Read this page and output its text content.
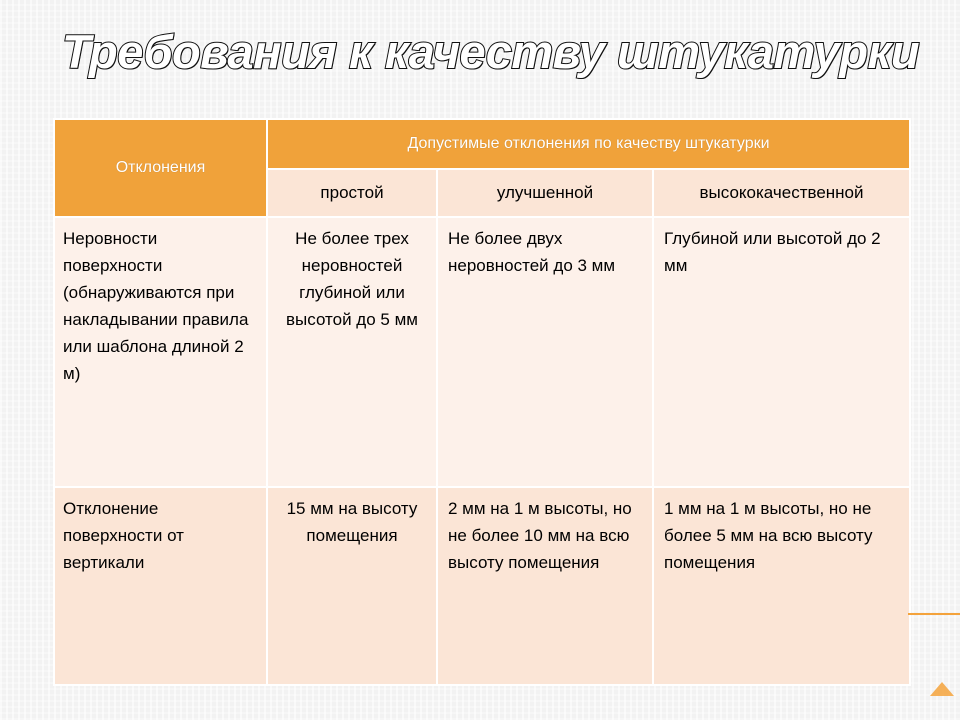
Требования к качеству штукатурки
Отклонения	Допустимые отклонения по качеству штукатурки		
	простой	улучшенной	высококачественной

Неровности поверхности (обнаруживаются при накладывании правила или шаблона длиной 2 м)	Не более трех неровностей глубиной или высотой до 5 мм	Не более двух неровностей до 3 мм	Глубиной или высотой до 2 мм

Отклонение поверхности от вертикали	15 мм на высоту помещения	2 мм на 1 м высоты, но не более 10 мм на всю высоту помещения	1 мм на 1 м высоты, но не более 5 мм на всю высоту помещения
